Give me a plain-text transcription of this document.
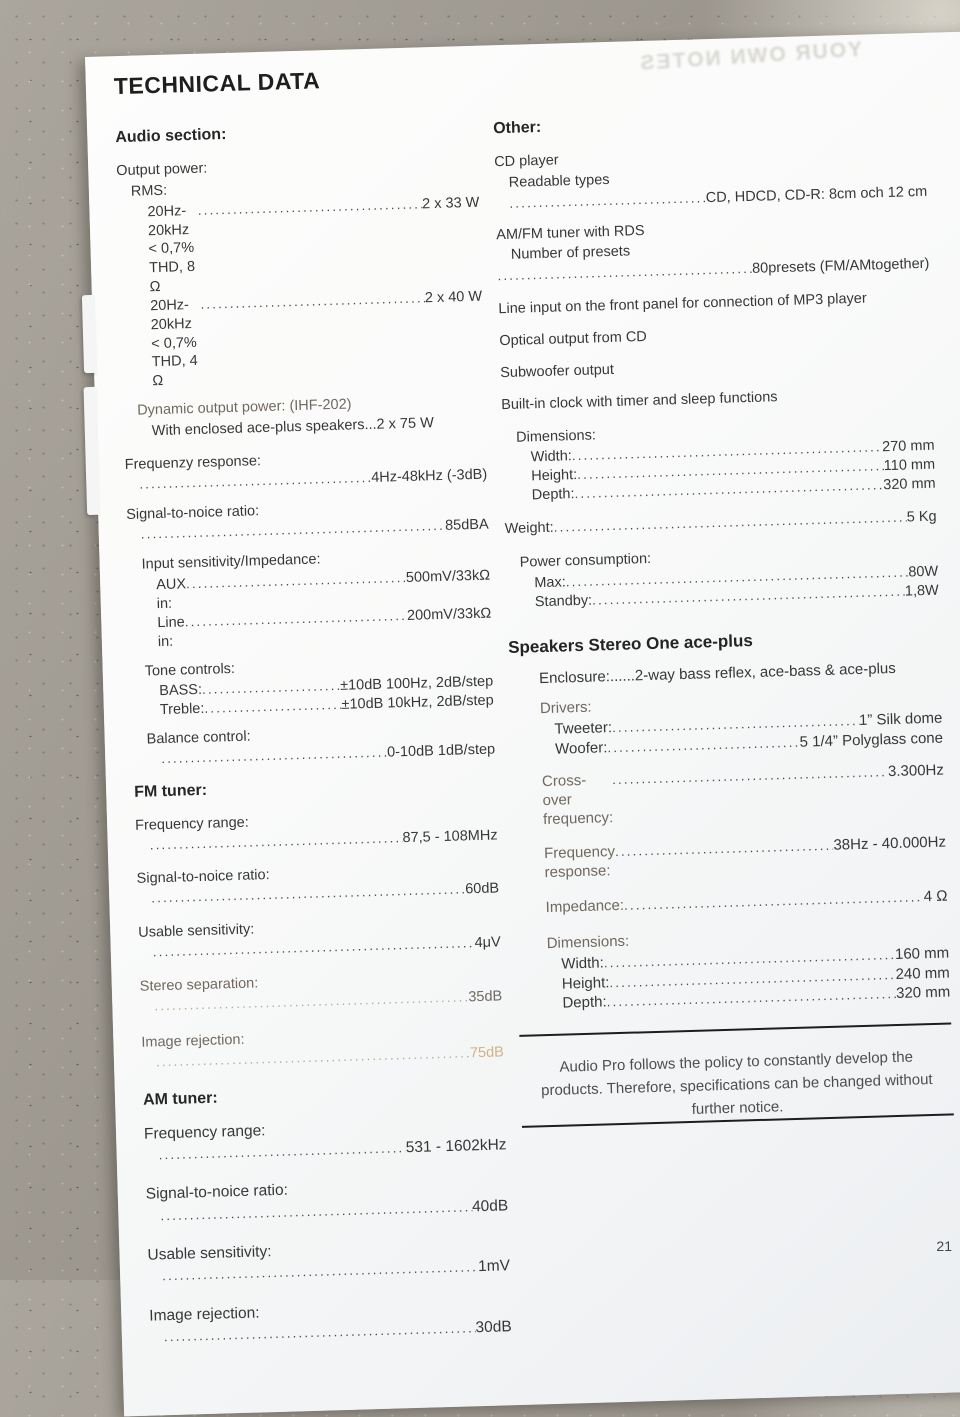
YOUR OWN NOTES
TECHNICAL DATA
Audio section:
Output power:
RMS:
20Hz-20kHz < 0,7% THD, 8 Ω
.....
2 x 33 W
20Hz-20kHz < 0,7% THD, 4 Ω
.....
2 x 40 W
Dynamic output power: (IHF-202)
With enclosed ace-plus speakers...2 x 75 W
Frequenzy response:
.....
4Hz-48kHz (-3dB)
Signal-to-noice ratio:
.....
85dBA
Input sensitivity/Impedance:
AUX in:
.....
500mV/33kΩ
Line in:
.....
200mV/33kΩ
Tone controls:
BASS: .....	±10dB 100Hz, 2dB/step
Treble: .....	±10dB 10kHz, 2dB/step
Balance control:
.....
0-10dB 1dB/step
FM tuner:
Frequency range:
.....
87,5 - 108MHz
Signal-to-noice ratio:
.....
60dB
Usable sensitivity:
.....
4μV
Stereo separation:
.....
35dB
Image rejection:
.....
75dB
AM tuner:
Frequency range:
.....
531 - 1602kHz
Signal-to-noice ratio:
.....
40dB
Usable sensitivity:
.....
1mV
Image rejection:
.....
30dB
Other:
CD player
Readable types
.....
CD, HDCD, CD-R: 8cm och 12 cm
AM/FM tuner with RDS
Number of presets
.....
80presets (FM/AMtogether)
Line input on the front panel for connection of MP3 player
Optical output from CD
Subwoofer output
Built-in clock with timer and sleep functions
Dimensions:
Width:
.....
270 mm
Height:
.....
110 mm
Depth:
.....
320 mm
Weight:
.....
5 Kg
Power consumption:
Max:
.....
80W
Standby:
.....
1,8W
Speakers Stereo One ace-plus
Enclosure:......2-way bass reflex, ace-bass & ace-plus
Drivers:
Tweeter: .....	1” Silk dome
Woofer: .....	5 1/4” Polyglass cone
Cross-over frequency:
.....
3.300Hz
Frequency response:
.....
38Hz - 40.000Hz
Impedance:
.....
4 Ω
Dimensions:
Width:
.....
160 mm
Height:
.....
240 mm
Depth:
.....
320 mm
Audio Pro follows the policy to constantly develop the products. Therefore, specifications can be changed without further notice.
21
